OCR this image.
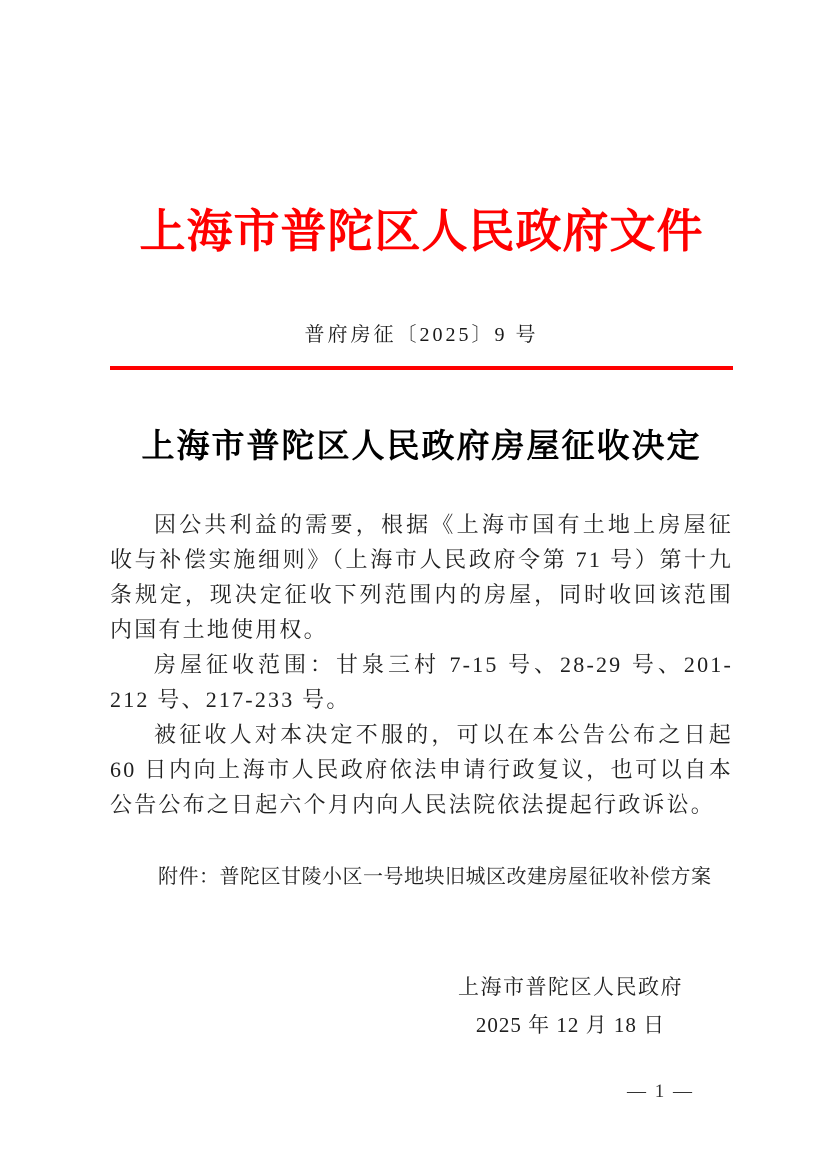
上海市普陀区人民政府文件
普府房征〔2025〕9 号
上海市普陀区人民政府房屋征收决定

因公共利益的需要，根据《上海市国有土地上房屋征收与补偿实施细则》（上海市人民政府令第 71 号）第十九条规定，现决定征收下列范围内的房屋，同时收回该范围内国有土地使用权。

房屋征收范围：甘泉三村 7-15 号、28-29 号、201-212 号、217-233 号。

被征收人对本决定不服的，可以在本公告公布之日起 60 日内向上海市人民政府依法申请行政复议，也可以自本公告公布之日起六个月内向人民法院依法提起行政诉讼。

附件：普陀区甘陵小区一号地块旧城区改建房屋征收补偿方案
上海市普陀区人民政府
2025 年 12 月 18 日
— 1 —
